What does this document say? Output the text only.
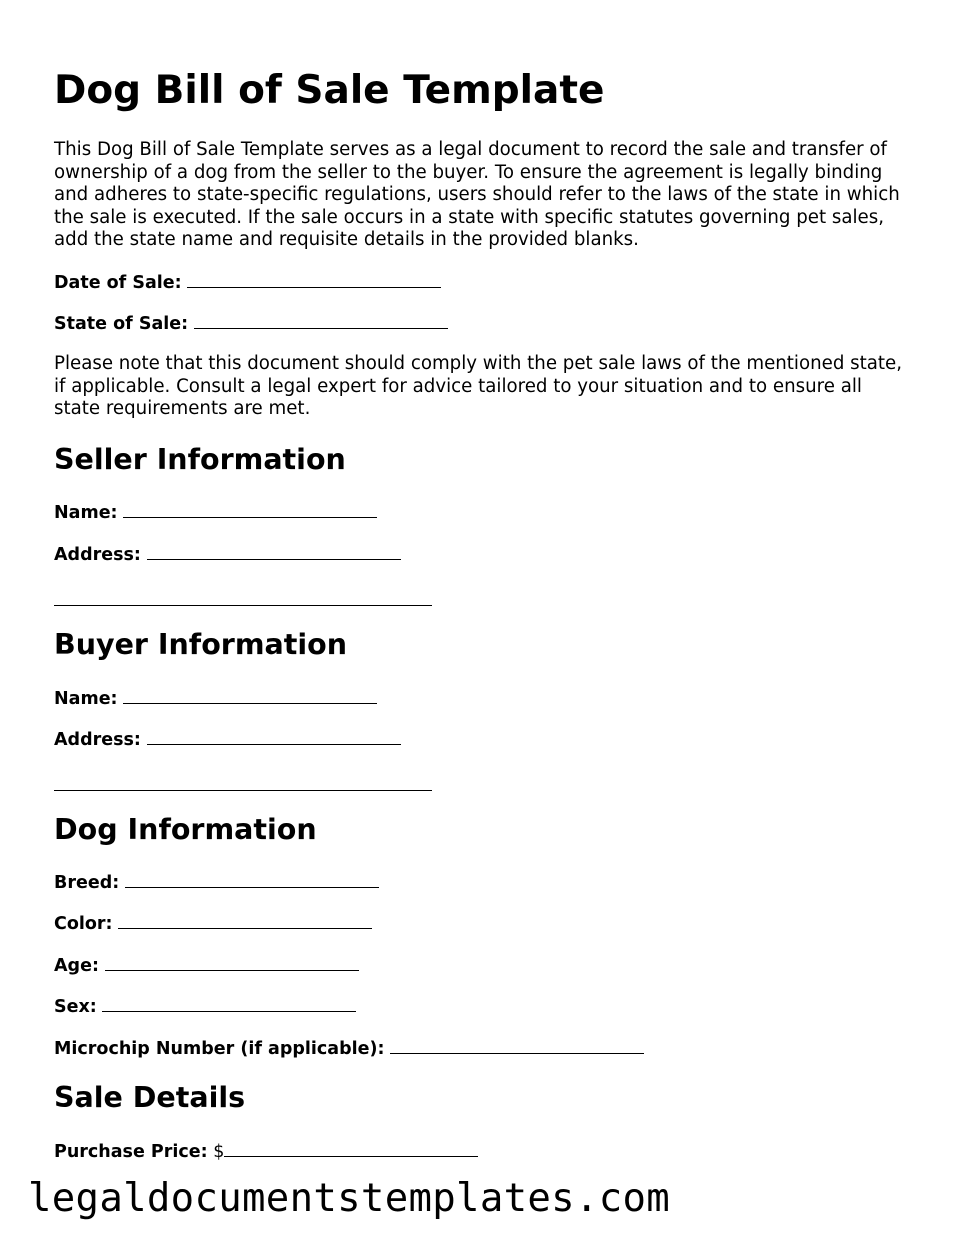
Dog Bill of Sale Template

This Dog Bill of Sale Template serves as a legal document to record the sale and transfer of ownership of a dog from the seller to the buyer. To ensure the agreement is legally binding and adheres to state-specific regulations, users should refer to the laws of the state in which the sale is executed. If the sale occurs in a state with specific statutes governing pet sales, add the state name and requisite details in the provided blanks.

Date of Sale:
State of Sale:

Please note that this document should comply with the pet sale laws of the mentioned state, if applicable. Consult a legal expert for advice tailored to your situation and to ensure all state requirements are met.

Seller Information
Name:
Address:
Buyer Information
Name:
Address:
Dog Information
Breed:
Color:
Age:
Sex:
Microchip Number (if applicable):
Sale Details
Purchase Price: $
legaldocumentstemplates.com
